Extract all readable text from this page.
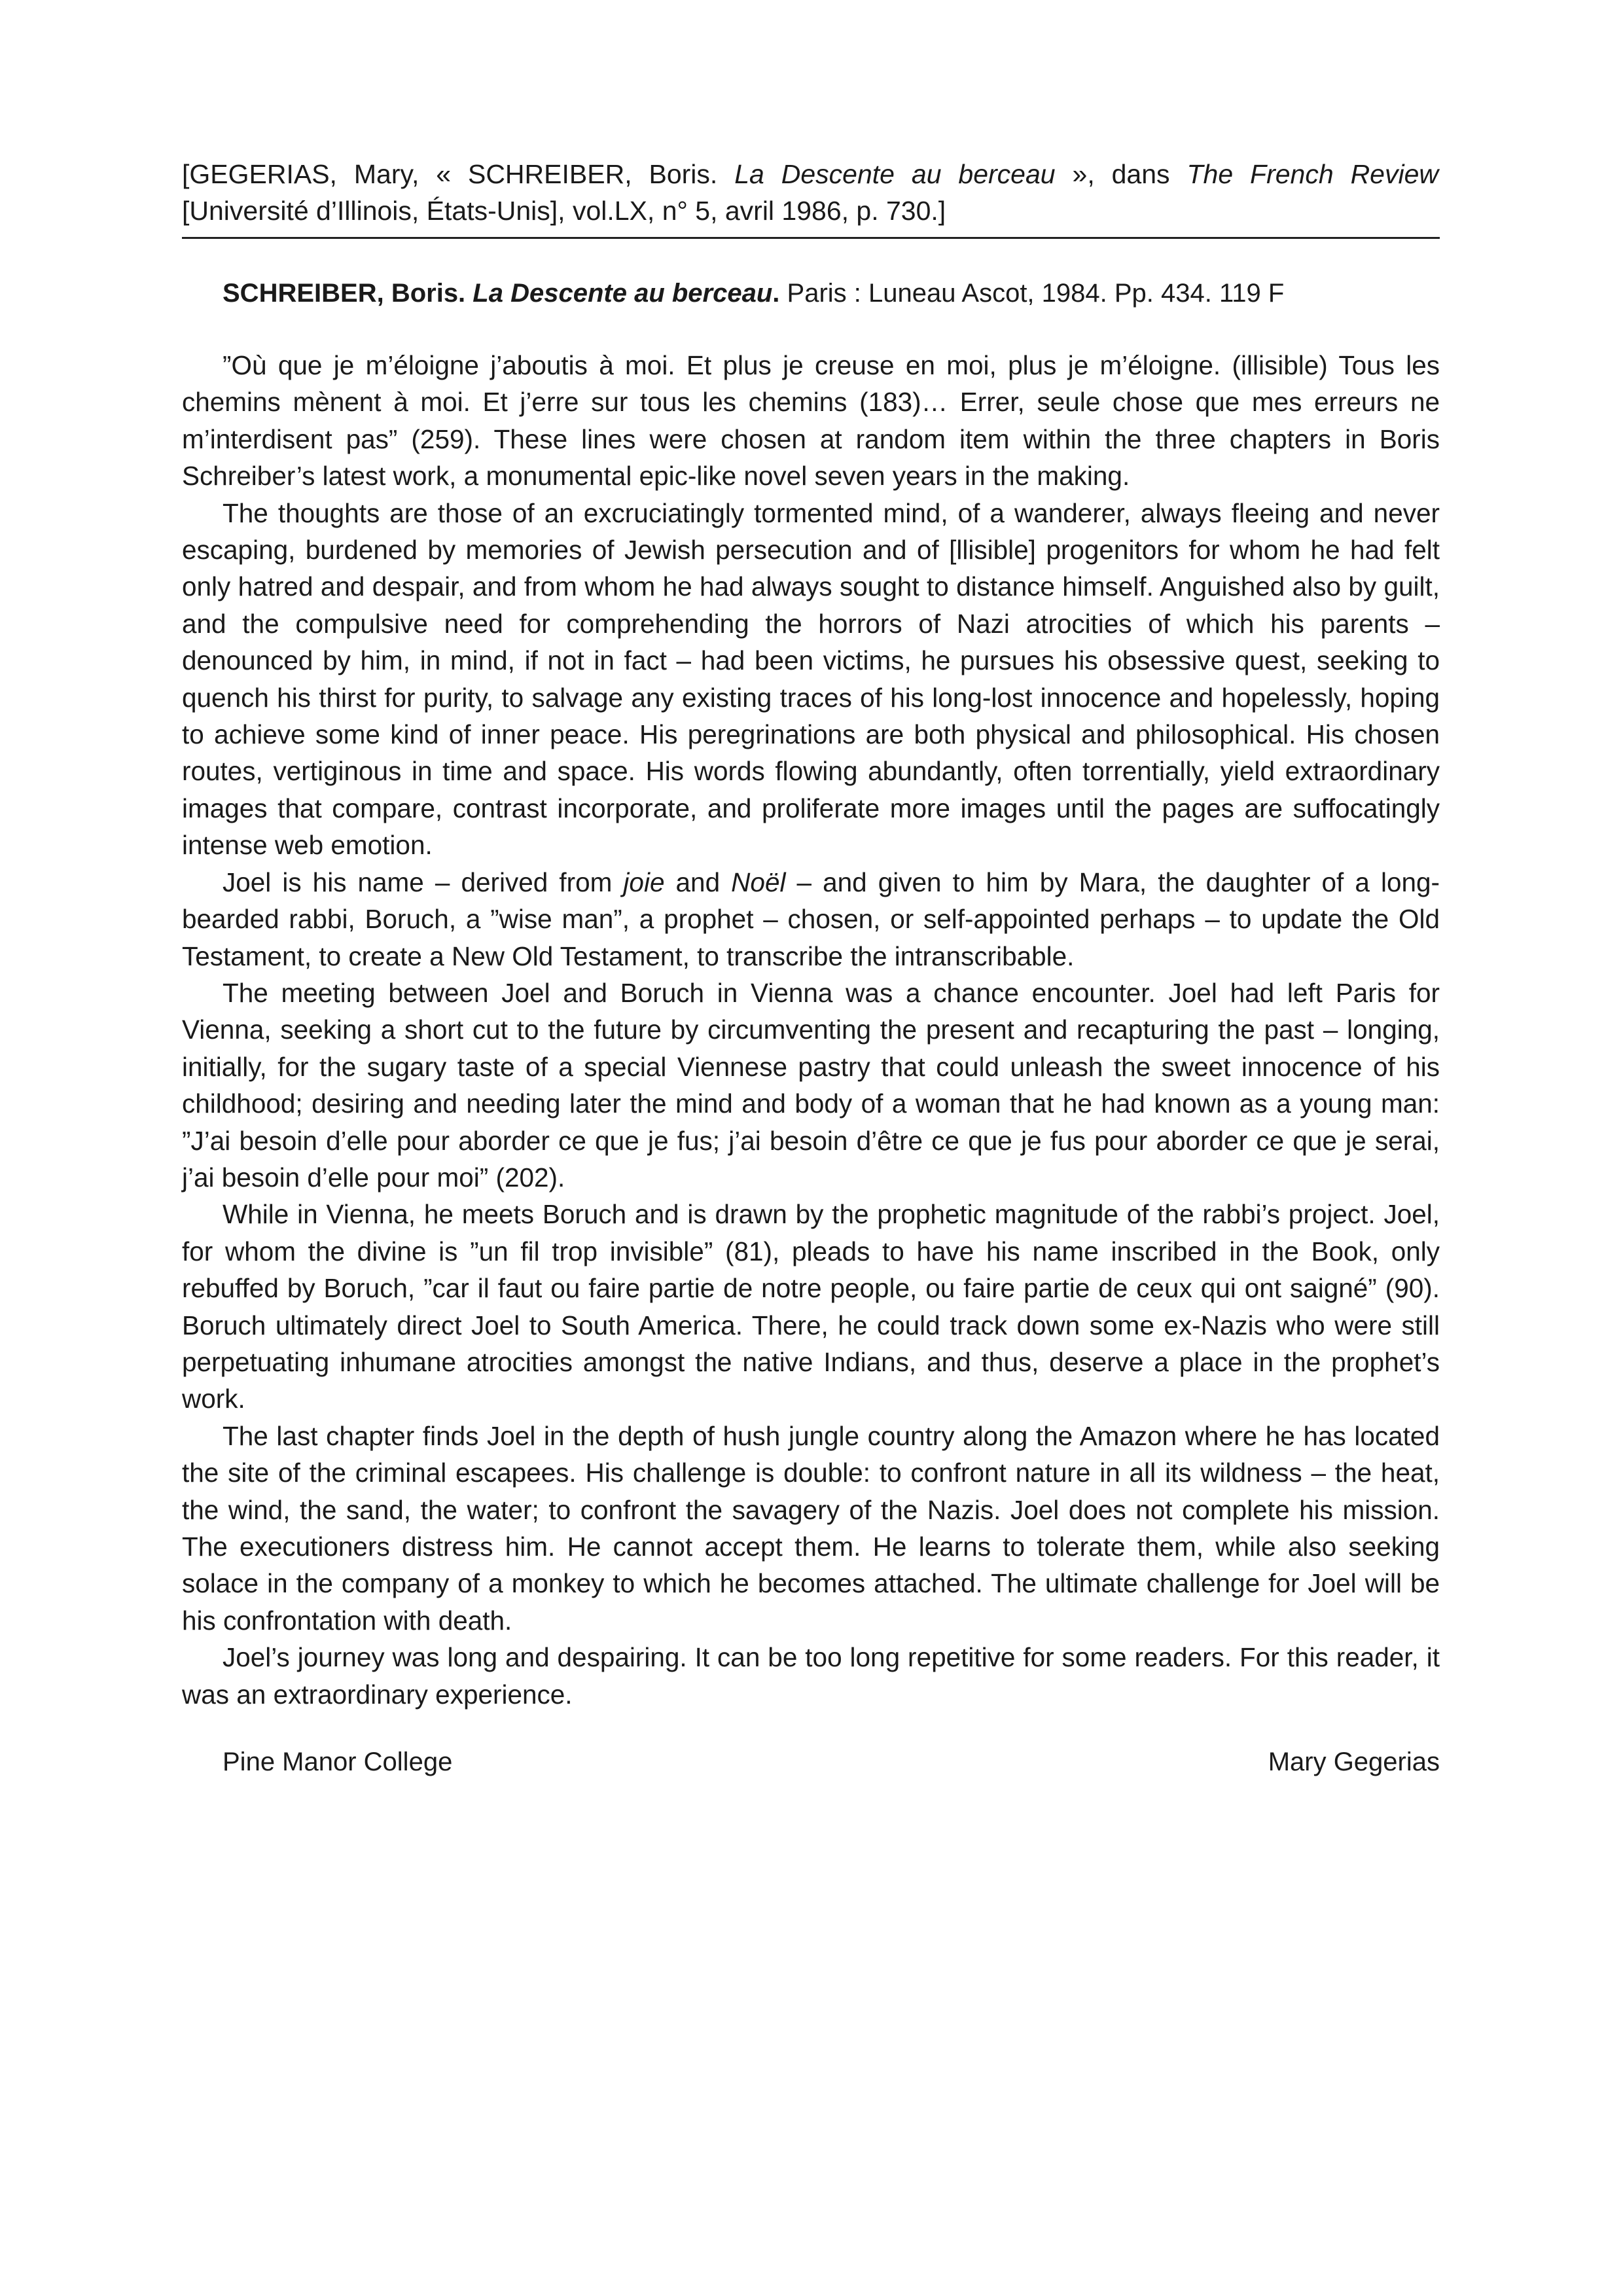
[GEGERIAS, Mary, « SCHREIBER, Boris. La Descente au berceau », dans The French Review [Université d’Illinois, États-Unis], vol.LX, n° 5, avril 1986, p. 730.]
SCHREIBER, Boris. La Descente au berceau. Paris : Luneau Ascot, 1984. Pp. 434. 119 F

”Où que je m’éloigne j’aboutis à moi. Et plus je creuse en moi, plus je m’éloigne. (illisible) Tous les chemins mènent à moi. Et j’erre sur tous les chemins (183)… Errer, seule chose que mes erreurs ne m’interdisent pas” (259). These lines were chosen at random item within the three chapters in Boris Schreiber’s latest work, a monumental epic-like novel seven years in the making.

The thoughts are those of an excruciatingly tormented mind, of a wanderer, always fleeing and never escaping, burdened by memories of Jewish persecution and of [llisible] progenitors for whom he had felt only hatred and despair, and from whom he had always sought to distance himself. Anguished also by guilt, and the compulsive need for comprehending the horrors of Nazi atrocities of which his parents – denounced by him, in mind, if not in fact – had been victims, he pursues his obsessive quest, seeking to quench his thirst for purity, to salvage any existing traces of his long-lost innocence and hopelessly, hoping to achieve some kind of inner peace. His peregrinations are both physical and philosophical. His chosen routes, vertiginous in time and space. His words flowing abundantly, often torrentially, yield extraordinary images that compare, contrast incorporate, and proliferate more images until the pages are suffocatingly intense web emotion.

Joel is his name – derived from joie and Noël – and given to him by Mara, the daughter of a long-bearded rabbi, Boruch, a ”wise man”, a prophet – chosen, or self-appointed perhaps – to update the Old Testament, to create a New Old Testament, to transcribe the intranscribable.

The meeting between Joel and Boruch in Vienna was a chance encounter. Joel had left Paris for Vienna, seeking a short cut to the future by circumventing the present and recapturing the past – longing, initially, for the sugary taste of a special Viennese pastry that could unleash the sweet innocence of his childhood; desiring and needing later the mind and body of a woman that he had known as a young man: ”J’ai besoin d’elle pour aborder ce que je fus; j’ai besoin d’être ce que je fus pour aborder ce que je serai, j’ai besoin d’elle pour moi” (202).

While in Vienna, he meets Boruch and is drawn by the prophetic magnitude of the rabbi’s project. Joel, for whom the divine is ”un fil trop invisible” (81), pleads to have his name inscribed in the Book, only rebuffed by Boruch, ”car il faut ou faire partie de notre people, ou faire partie de ceux qui ont saigné” (90). Boruch ultimately direct Joel to South America. There, he could track down some ex-Nazis who were still perpetuating inhumane atrocities amongst the native Indians, and thus, deserve a place in the prophet’s work.

The last chapter finds Joel in the depth of hush jungle country along the Amazon where he has located the site of the criminal escapees. His challenge is double: to confront nature in all its wildness – the heat, the wind, the sand, the water; to confront the savagery of the Nazis. Joel does not complete his mission. The executioners distress him. He cannot accept them. He learns to tolerate them, while also seeking solace in the company of a monkey to which he becomes attached. The ultimate challenge for Joel will be his confrontation with death.

Joel’s journey was long and despairing. It can be too long repetitive for some readers. For this reader, it was an extraordinary experience.

Pine Manor College	Mary Gegerias
